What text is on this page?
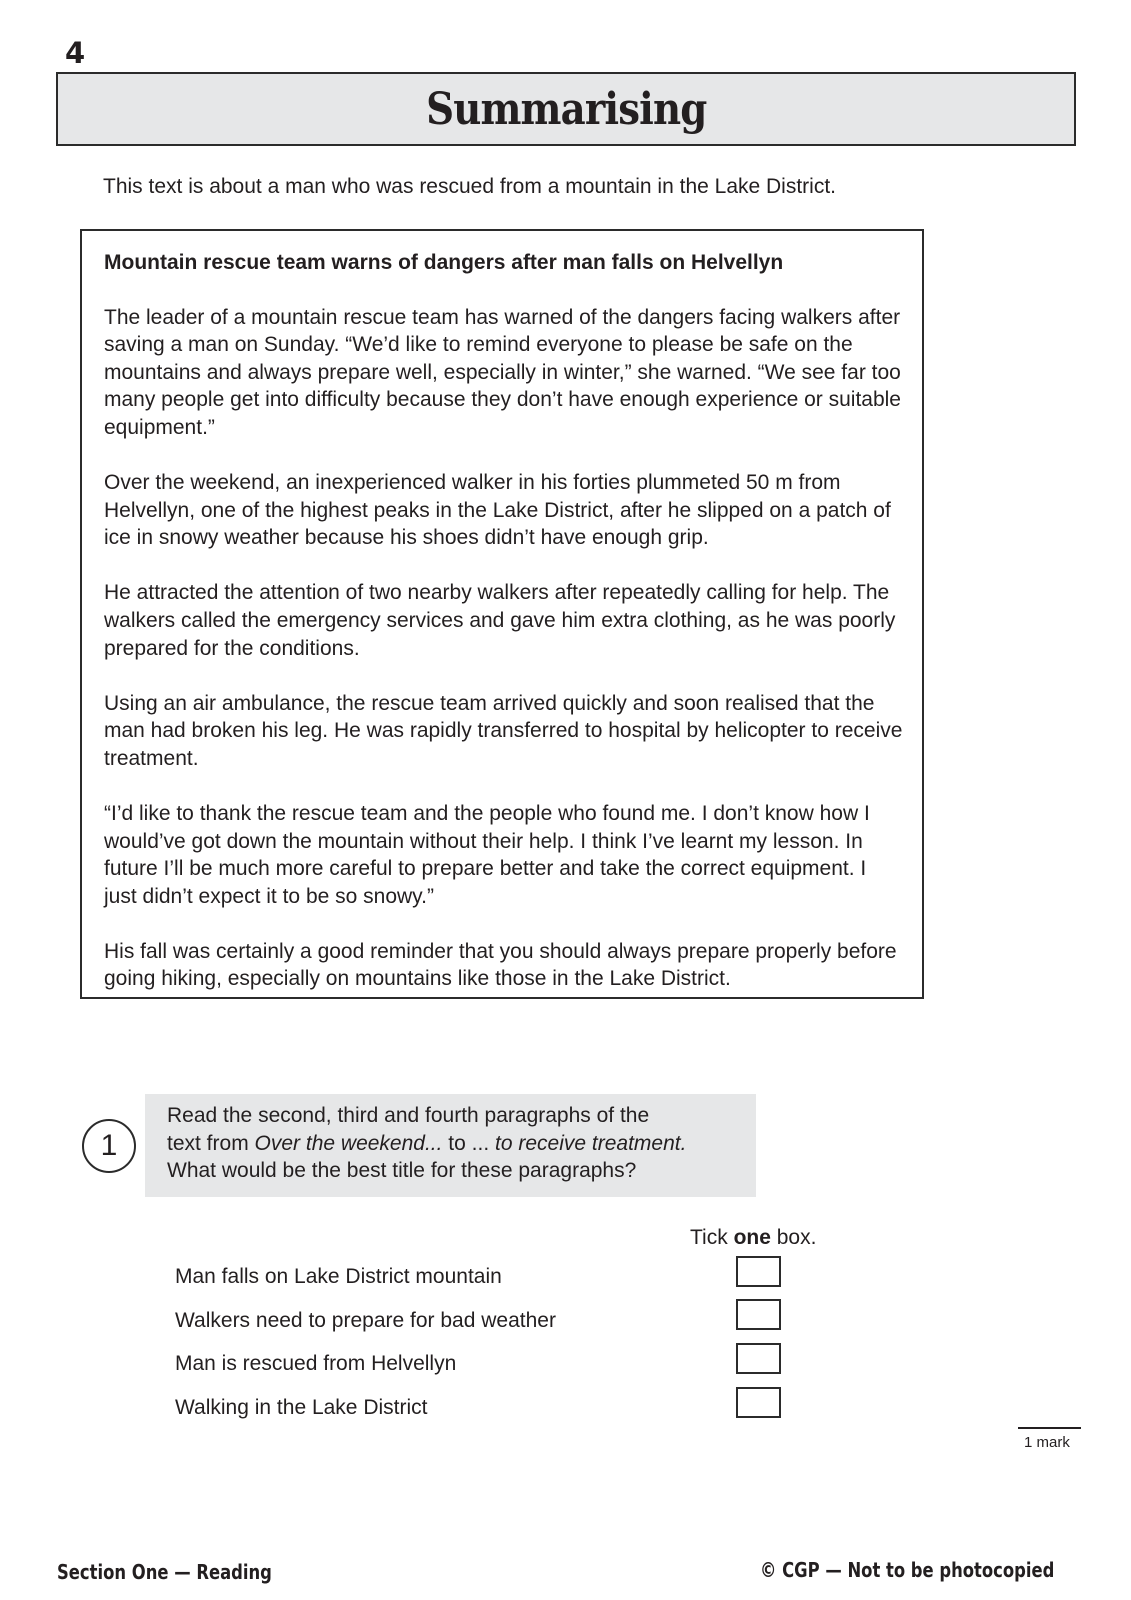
4
Summarising
This text is about a man who was rescued from a mountain in the Lake District.

Mountain rescue team warns of dangers after man falls on Helvellyn

The leader of a mountain rescue team has warned of the dangers facing walkers after saving a man on Sunday. “We’d like to remind everyone to please be safe on the mountains and always prepare well, especially in winter,” she warned. “We see far too many people get into difficulty because they don’t have enough experience or suitable equipment.”

Over the weekend, an inexperienced walker in his forties plummeted 50 m from Helvellyn, one of the highest peaks in the Lake District, after he slipped on a patch of ice in snowy weather because his shoes didn’t have enough grip.

He attracted the attention of two nearby walkers after repeatedly calling for help. The walkers called the emergency services and gave him extra clothing, as he was poorly prepared for the conditions.

Using an air ambulance, the rescue team arrived quickly and soon realised that the man had broken his leg. He was rapidly transferred to hospital by helicopter to receive treatment.

“I’d like to thank the rescue team and the people who found me. I don’t know how I would’ve got down the mountain without their help. I think I’ve learnt my lesson. In future I’ll be much more careful to prepare better and take the correct equipment. I just didn’t expect it to be so snowy.”

His fall was certainly a good reminder that you should always prepare properly before going hiking, especially on mountains like those in the Lake District.

Read the second, third and fourth paragraphs of the
text from Over the weekend... to ... to receive treatment.
What would be the best title for these paragraphs?
1
Tick one box.
Man falls on Lake District mountain
Walkers need to prepare for bad weather
Man is rescued from Helvellyn
Walking in the Lake District
1 mark
Section One — Reading	© CGP — Not to be photocopied
